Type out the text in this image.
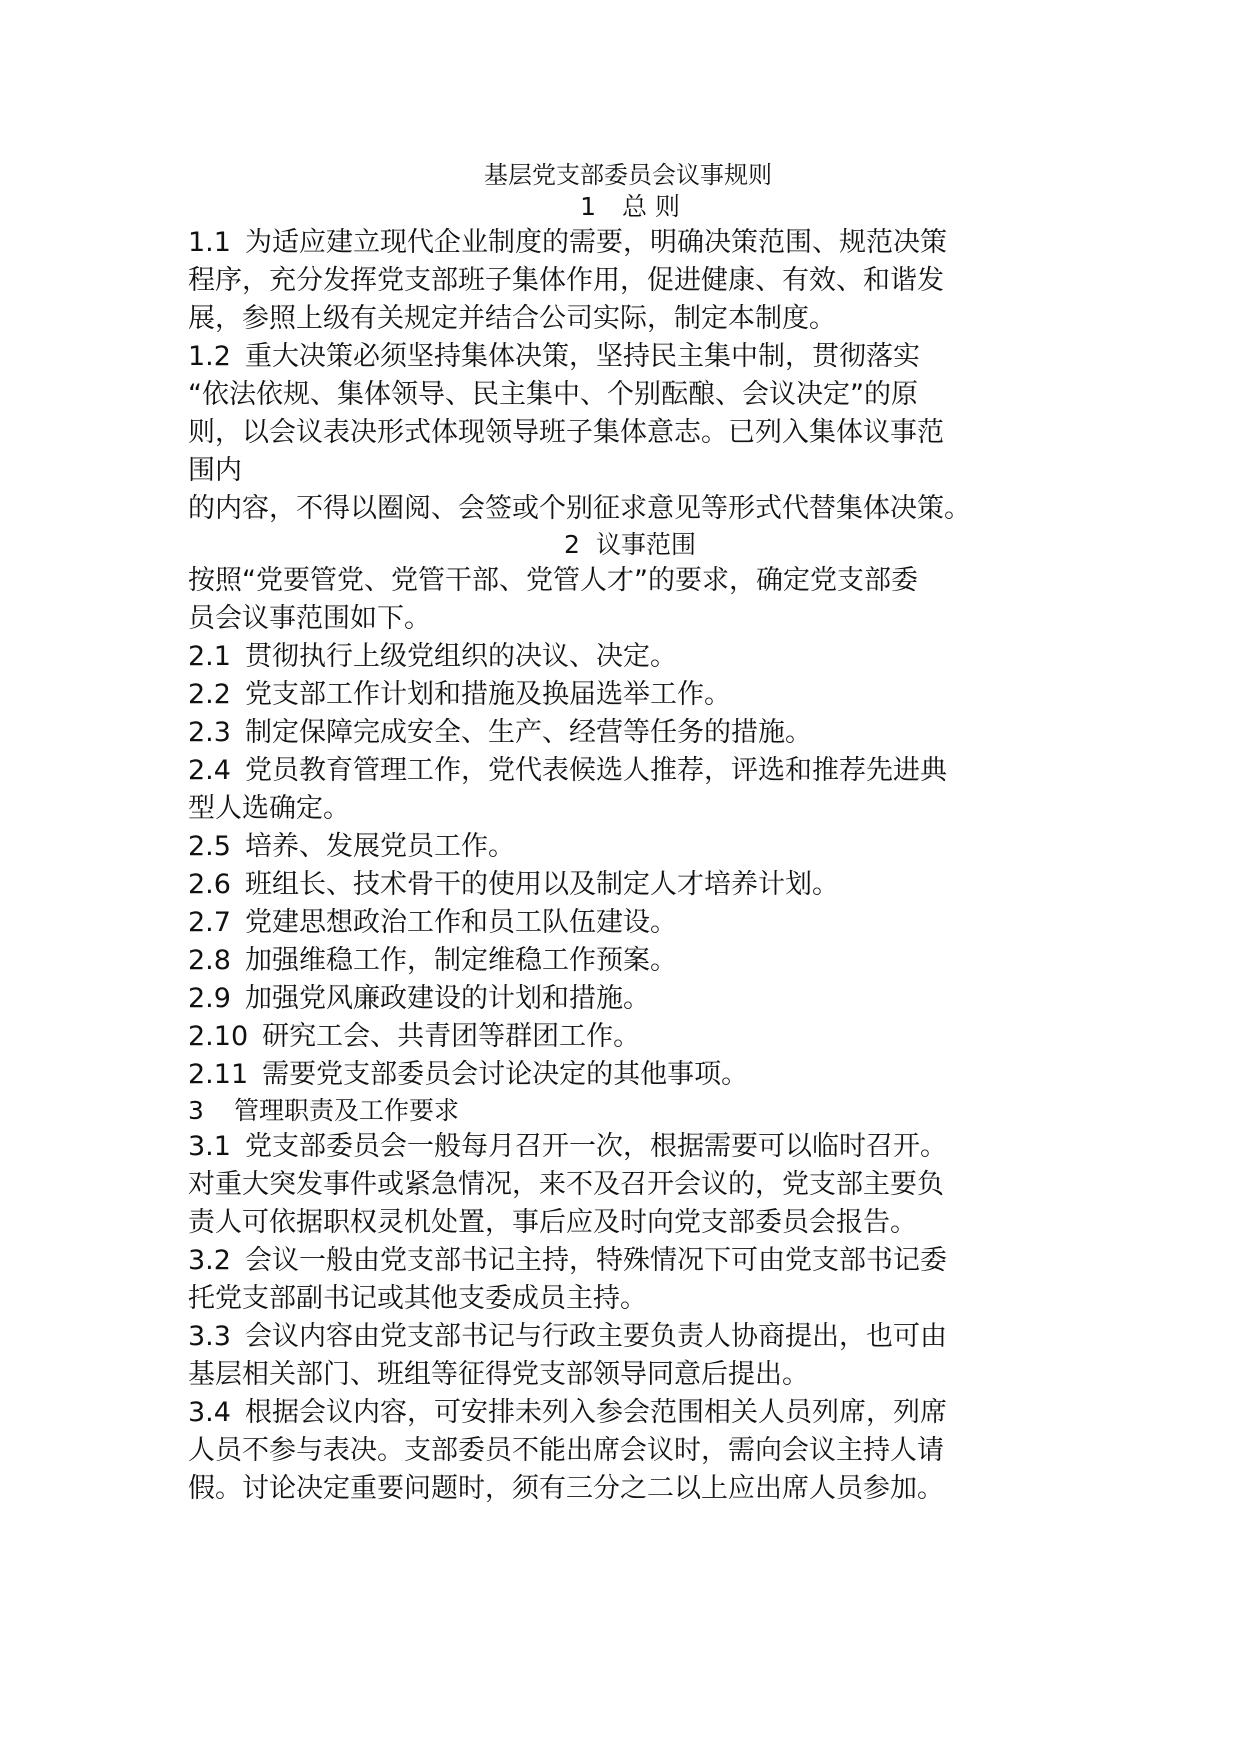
基层党支部委员会议事规则
1 总 则
1.1 为适应建立现代企业制度的需要，明确决策范围、规范决策
程序，充分发挥党支部班子集体作用，促进健康、有效、和谐发
展，参照上级有关规定并结合公司实际，制定本制度。
1.2 重大决策必须坚持集体决策，坚持民主集中制，贯彻落实
“依法依规、集体领导、民主集中、个别酝酿、会议决定”的原
则，以会议表决形式体现领导班子集体意志。已列入集体议事范
围内
的内容，不得以圈阅、会签或个别征求意见等形式代替集体决策。
2 议事范围
按照“党要管党、党管干部、党管人才”的要求，确定党支部委
员会议事范围如下。
2.1 贯彻执行上级党组织的决议、决定。
2.2 党支部工作计划和措施及换届选举工作。
2.3 制定保障完成安全、生产、经营等任务的措施。
2.4 党员教育管理工作，党代表候选人推荐，评选和推荐先进典
型人选确定。
2.5 培养、发展党员工作。
2.6 班组长、技术骨干的使用以及制定人才培养计划。
2.7 党建思想政治工作和员工队伍建设。
2.8 加强维稳工作，制定维稳工作预案。
2.9 加强党风廉政建设的计划和措施。
2.10 研究工会、共青团等群团工作。
2.11 需要党支部委员会讨论决定的其他事项。
3 管理职责及工作要求
3.1 党支部委员会一般每月召开一次，根据需要可以临时召开。
对重大突发事件或紧急情况，来不及召开会议的，党支部主要负
责人可依据职权灵机处置，事后应及时向党支部委员会报告。
3.2 会议一般由党支部书记主持，特殊情况下可由党支部书记委
托党支部副书记或其他支委成员主持。
3.3 会议内容由党支部书记与行政主要负责人协商提出，也可由
基层相关部门、班组等征得党支部领导同意后提出。
3.4 根据会议内容，可安排未列入参会范围相关人员列席，列席
人员不参与表决。支部委员不能出席会议时，需向会议主持人请
假。讨论决定重要问题时，须有三分之二以上应出席人员参加。
